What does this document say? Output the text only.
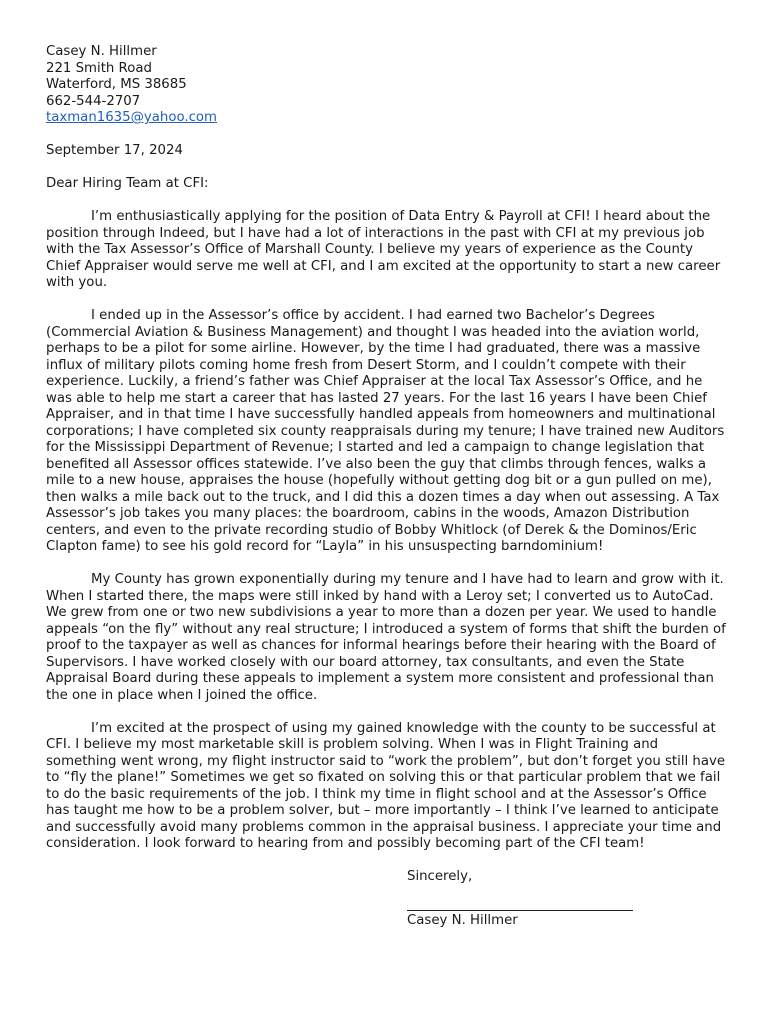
Casey N. Hillmer
221 Smith Road
Waterford, MS 38685
662-544-2707
taxman1635@yahoo.com
September 17, 2024
Dear Hiring Team at CFI:

I’m enthusiastically applying for the position of Data Entry & Payroll at CFI! I heard about the position through Indeed, but I have had a lot of interactions in the past with CFI at my previous job with the Tax Assessor’s Office of Marshall County. I believe my years of experience as the County Chief Appraiser would serve me well at CFI, and I am excited at the opportunity to start a new career with you.

I ended up in the Assessor’s office by accident. I had earned two Bachelor’s Degrees (Commercial Aviation & Business Management) and thought I was headed into the aviation world, perhaps to be a pilot for some airline. However, by the time I had graduated, there was a massive influx of military pilots coming home fresh from Desert Storm, and I couldn’t compete with their experience. Luckily, a friend’s father was Chief Appraiser at the local Tax Assessor’s Office, and he was able to help me start a career that has lasted 27 years. For the last 16 years I have been Chief Appraiser, and in that time I have successfully handled appeals from homeowners and multinational corporations; I have completed six county reappraisals during my tenure; I have trained new Auditors for the Mississippi Department of Revenue; I started and led a campaign to change legislation that benefited all Assessor offices statewide. I’ve also been the guy that climbs through fences, walks a mile to a new house, appraises the house (hopefully without getting dog bit or a gun pulled on me), then walks a mile back out to the truck, and I did this a dozen times a day when out assessing. A Tax Assessor’s job takes you many places: the boardroom, cabins in the woods, Amazon Distribution centers, and even to the private recording studio of Bobby Whitlock (of Derek & the Dominos/Eric Clapton fame) to see his gold record for “Layla” in his unsuspecting barndominium!

My County has grown exponentially during my tenure and I have had to learn and grow with it. When I started there, the maps were still inked by hand with a Leroy set; I converted us to AutoCad. We grew from one or two new subdivisions a year to more than a dozen per year. We used to handle appeals “on the fly” without any real structure; I introduced a system of forms that shift the burden of proof to the taxpayer as well as chances for informal hearings before their hearing with the Board of Supervisors. I have worked closely with our board attorney, tax consultants, and even the State Appraisal Board during these appeals to implement a system more consistent and professional than the one in place when I joined the office.

I’m excited at the prospect of using my gained knowledge with the county to be successful at CFI. I believe my most marketable skill is problem solving. When I was in Flight Training and something went wrong, my flight instructor said to “work the problem”, but don’t forget you still have to “fly the plane!” Sometimes we get so fixated on solving this or that particular problem that we fail to do the basic requirements of the job. I think my time in flight school and at the Assessor’s Office has taught me how to be a problem solver, but – more importantly – I think I’ve learned to anticipate and successfully avoid many problems common in the appraisal business. I appreciate your time and consideration. I look forward to hearing from and possibly becoming part of the CFI team!

Sincerely,
Casey N. Hillmer
